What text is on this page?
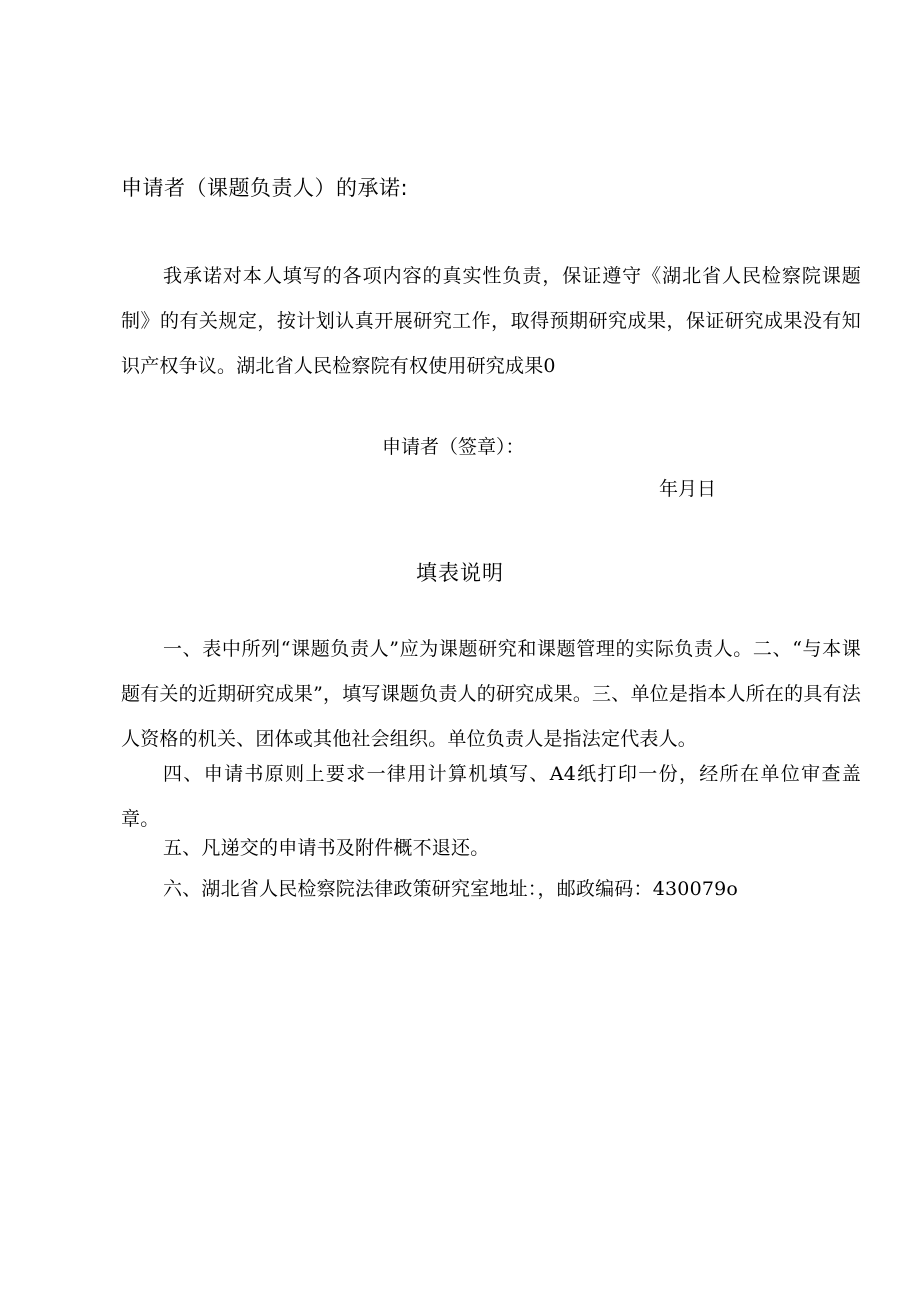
申请者（课题负责人）的承诺:

我承诺对本人填写的各项内容的真实性负责，保证遵守《湖北省人民检察院课题制》的有关规定，按计划认真开展研究工作，取得预期研究成果，保证研究成果没有知识产权争议。湖北省人民检察院有权使用研究成果0

申请者（签章）：

年月日

填表说明

一、表中所列“课题负责人”应为课题研究和课题管理的实际负责人。二、“与本课题有关的近期研究成果”，填写课题负责人的研究成果。三、单位是指本人所在的具有法人资格的机关、团体或其他社会组织。单位负责人是指法定代表人。

四、申请书原则上要求一律用计算机填写、A4纸打印一份，经所在单位审查盖章。

五、凡递交的申请书及附件概不退还。

六、湖北省人民检察院法律政策研究室地址：，邮政编码：430079o
